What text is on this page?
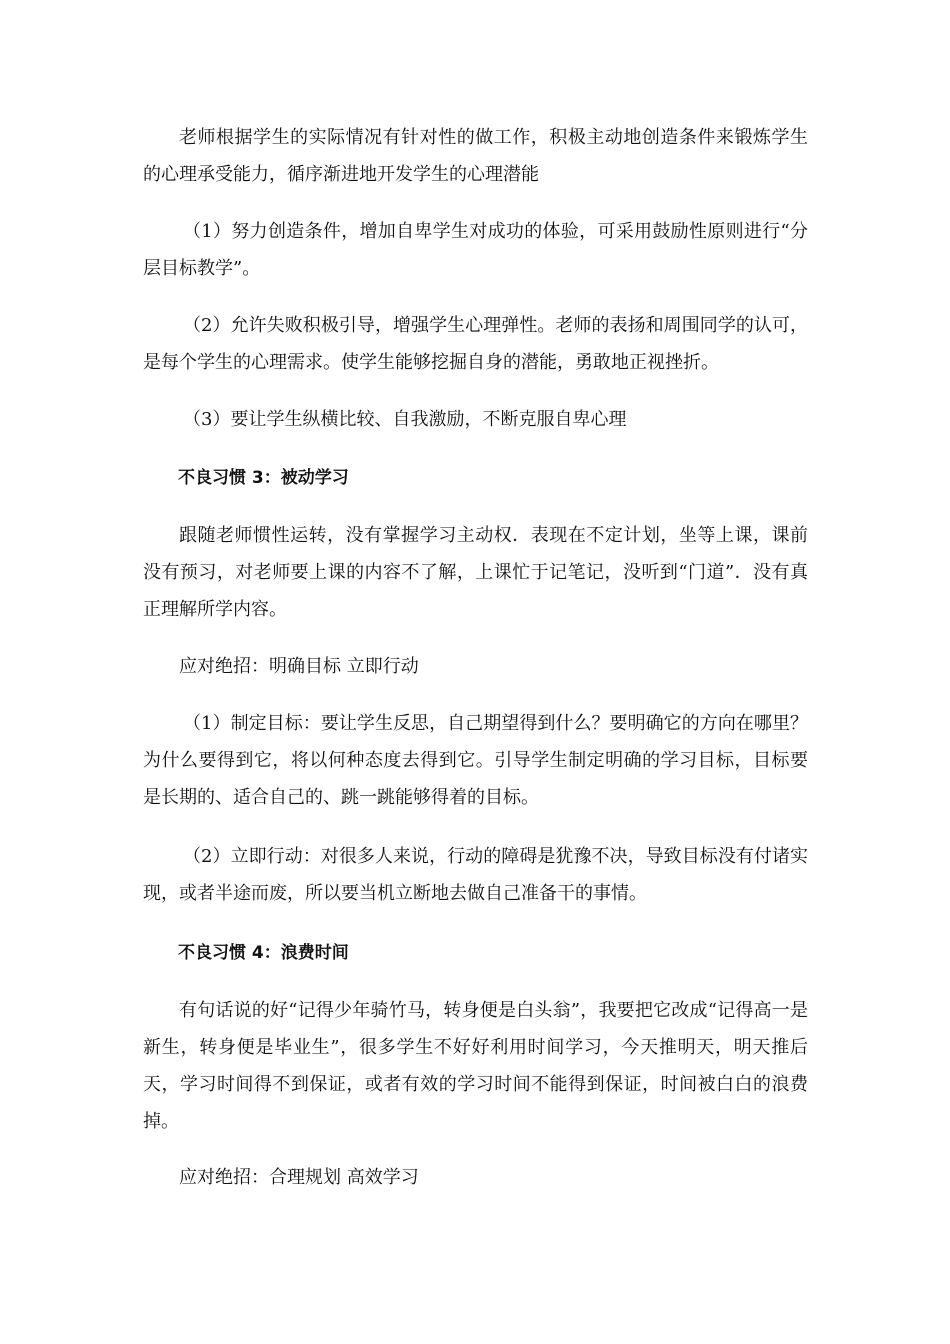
老师根据学生的实际情况有针对性的做工作，积极主动地创造条件来锻炼学生的心理承受能力，循序渐进地开发学生的心理潜能

（1）努力创造条件，增加自卑学生对成功的体验，可采用鼓励性原则进行“分层目标教学”。

（2）允许失败积极引导，增强学生心理弹性。老师的表扬和周围同学的认可，是每个学生的心理需求。使学生能够挖掘自身的潜能，勇敢地正视挫折。

（3）要让学生纵横比较、自我激励，不断克服自卑心理

不良习惯 3：被动学习

跟随老师惯性运转，没有掌握学习主动权．表现在不定计划，坐等上课，课前没有预习，对老师要上课的内容不了解，上课忙于记笔记，没听到“门道”．没有真正理解所学内容。

应对绝招：明确目标 立即行动

（1）制定目标：要让学生反思，自己期望得到什么？要明确它的方向在哪里？为什么要得到它，将以何种态度去得到它。引导学生制定明确的学习目标，目标要是长期的、适合自己的、跳一跳能够得着的目标。

（2）立即行动：对很多人来说，行动的障碍是犹豫不决，导致目标没有付诸实现，或者半途而废，所以要当机立断地去做自己准备干的事情。

不良习惯 4：浪费时间

有句话说的好“记得少年骑竹马，转身便是白头翁”，我要把它改成“记得高一是新生，转身便是毕业生”，很多学生不好好利用时间学习，今天推明天，明天推后天，学习时间得不到保证，或者有效的学习时间不能得到保证，时间被白白的浪费掉。

应对绝招：合理规划 高效学习
